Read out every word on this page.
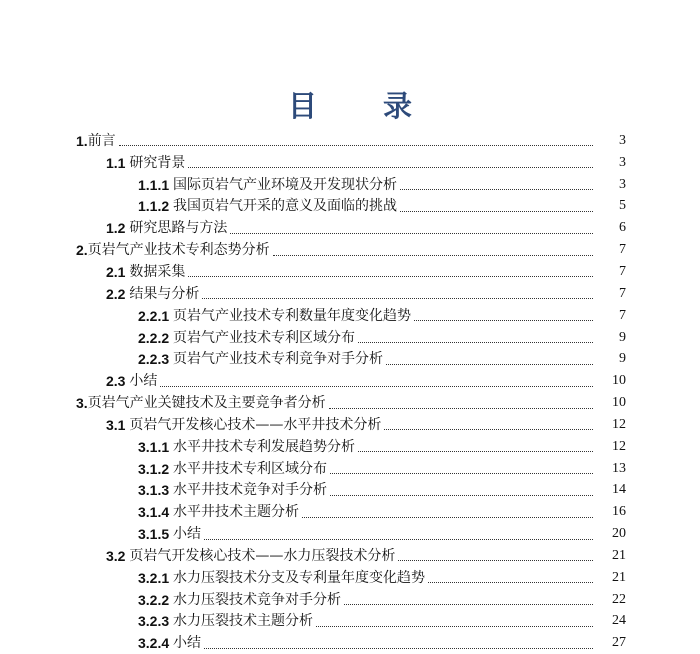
目 录
1. 前言	3
1.1 研究背景	3
1.1.1 国际页岩气产业环境及开发现状分析	3
1.1.2 我国页岩气开采的意义及面临的挑战	5
1.2 研究思路与方法	6
2. 页岩气产业技术专利态势分析	7
2.1 数据采集	7
2.2 结果与分析	7
2.2.1 页岩气产业技术专利数量年度变化趋势	7
2.2.2 页岩气产业技术专利区域分布	9
2.2.3 页岩气产业技术专利竞争对手分析	9
2.3 小结	10
3. 页岩气产业关键技术及主要竞争者分析	10
3.1 页岩气开发核心技术——水平井技术分析	12
3.1.1 水平井技术专利发展趋势分析	12
3.1.2 水平井技术专利区域分布	13
3.1.3 水平井技术竞争对手分析	14
3.1.4 水平井技术主题分析	16
3.1.5 小结	20
3.2 页岩气开发核心技术——水力压裂技术分析	21
3.2.1 水力压裂技术分支及专利量年度变化趋势	21
3.2.2 水力压裂技术竞争对手分析	22
3.2.3 水力压裂技术主题分析	24
3.2.4 小结	27
